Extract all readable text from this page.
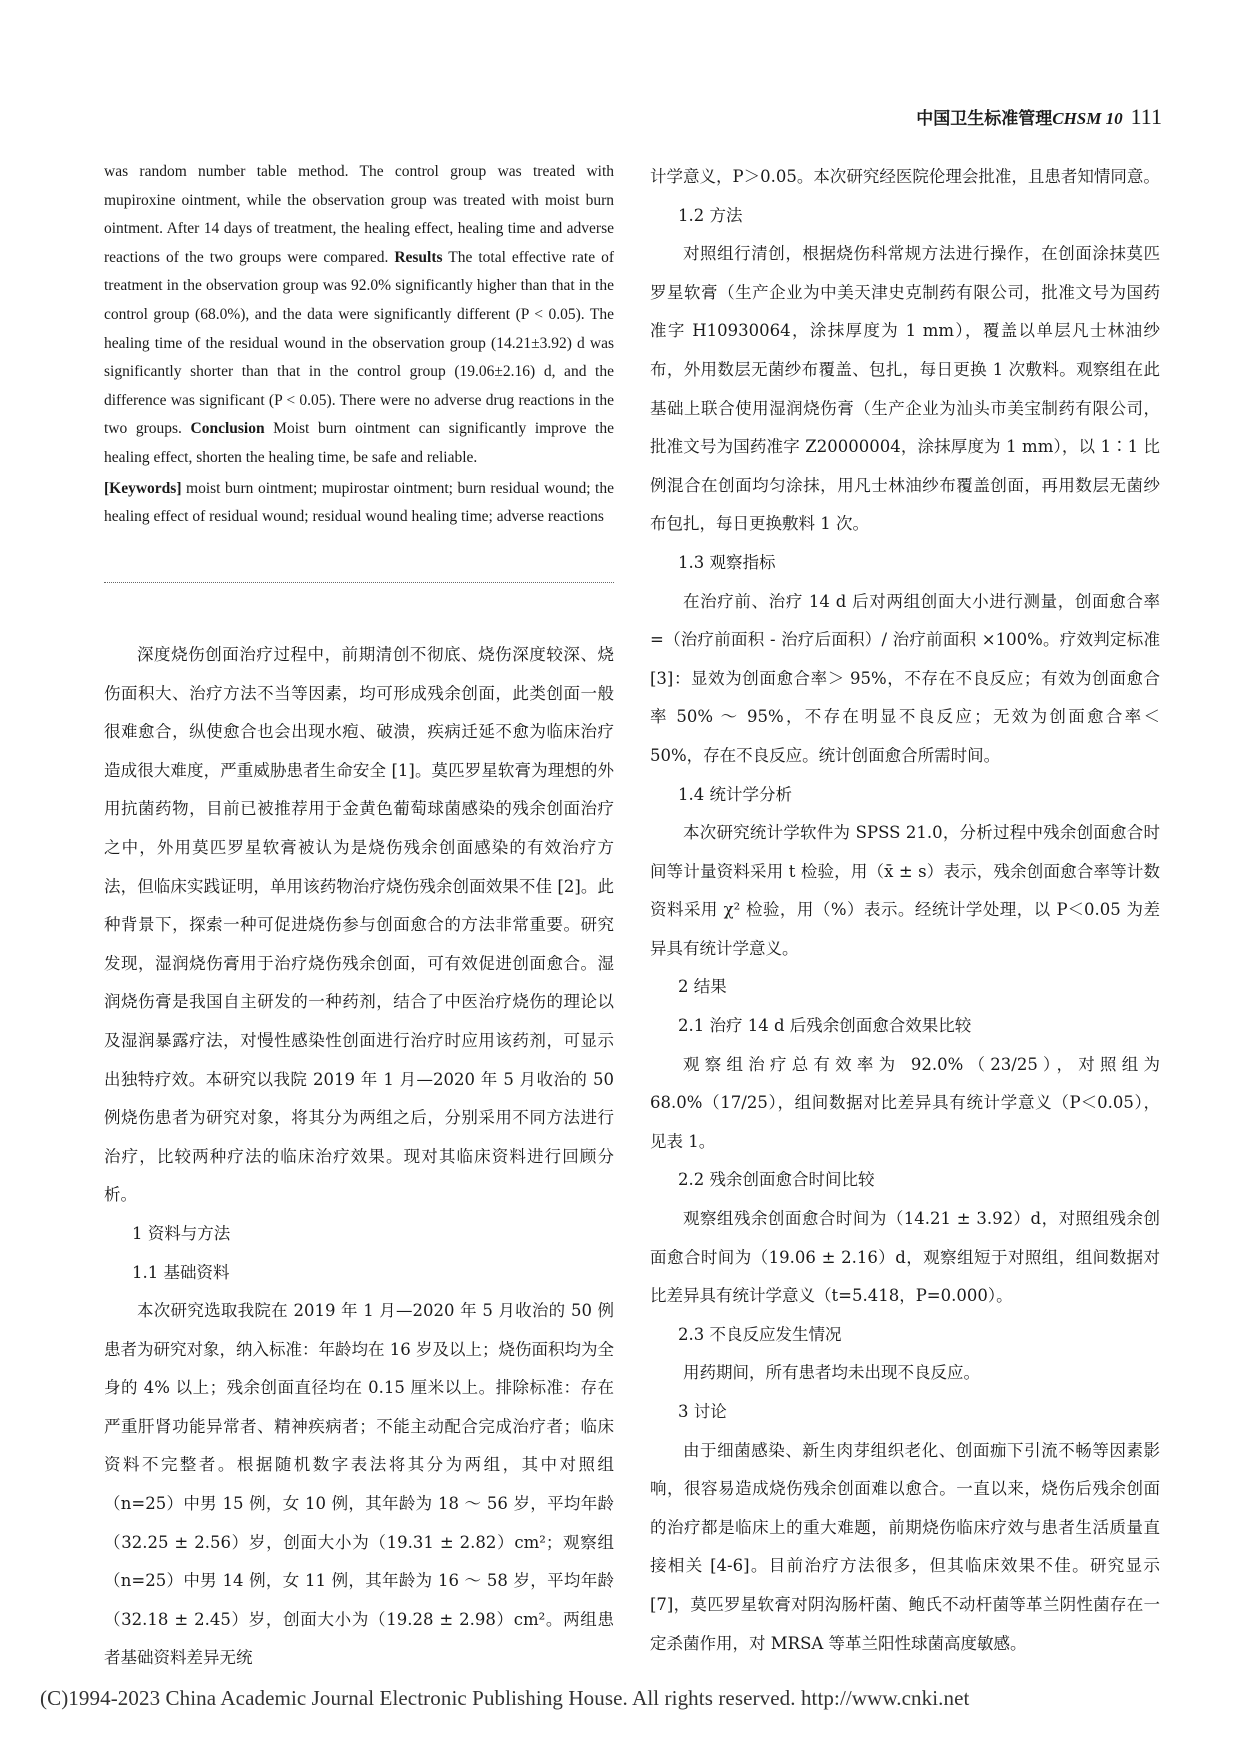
中国卫生标准管理CHSM 10 111

was random number table method. The control group was treated with mupiroxine ointment, while the observation group was treated with moist burn ointment. After 14 days of treatment, the healing effect, healing time and adverse reactions of the two groups were compared. Results The total effective rate of treatment in the observation group was 92.0% significantly higher than that in the control group (68.0%), and the data were significantly different (P < 0.05). The healing time of the residual wound in the observation group (14.21±3.92) d was significantly shorter than that in the control group (19.06±2.16) d, and the difference was significant (P < 0.05). There were no adverse drug reactions in the two groups. Conclusion Moist burn ointment can significantly improve the healing effect, shorten the healing time, be safe and reliable.

[Keywords] moist burn ointment; mupirostar ointment; burn residual wound; the healing effect of residual wound; residual wound healing time; adverse reactions

深度烧伤创面治疗过程中，前期清创不彻底、烧伤深度较深、烧伤面积大、治疗方法不当等因素，均可形成残余创面，此类创面一般很难愈合，纵使愈合也会出现水疱、破溃，疾病迁延不愈为临床治疗造成很大难度，严重威胁患者生命安全 [1]。莫匹罗星软膏为理想的外用抗菌药物，目前已被推荐用于金黄色葡萄球菌感染的残余创面治疗之中，外用莫匹罗星软膏被认为是烧伤残余创面感染的有效治疗方法，但临床实践证明，单用该药物治疗烧伤残余创面效果不佳 [2]。此种背景下，探索一种可促进烧伤参与创面愈合的方法非常重要。研究发现，湿润烧伤膏用于治疗烧伤残余创面，可有效促进创面愈合。湿润烧伤膏是我国自主研发的一种药剂，结合了中医治疗烧伤的理论以及湿润暴露疗法，对慢性感染性创面进行治疗时应用该药剂，可显示出独特疗效。本研究以我院 2019 年 1 月—2020 年 5 月收治的 50 例烧伤患者为研究对象，将其分为两组之后，分别采用不同方法进行治疗，比较两种疗法的临床治疗效果。现对其临床资料进行回顾分析。

1 资料与方法

1.1 基础资料

本次研究选取我院在 2019 年 1 月—2020 年 5 月收治的 50 例患者为研究对象，纳入标准：年龄均在 16 岁及以上；烧伤面积均为全身的 4% 以上；残余创面直径均在 0.15 厘米以上。排除标准：存在严重肝肾功能异常者、精神疾病者；不能主动配合完成治疗者；临床资料不完整者。根据随机数字表法将其分为两组，其中对照组（n=25）中男 15 例，女 10 例，其年龄为 18 ～ 56 岁，平均年龄（32.25 ± 2.56）岁，创面大小为（19.31 ± 2.82）cm²；观察组（n=25）中男 14 例，女 11 例，其年龄为 16 ～ 58 岁，平均年龄（32.18 ± 2.45）岁，创面大小为（19.28 ± 2.98）cm²。两组患者基础资料差异无统

计学意义，P＞0.05。本次研究经医院伦理会批准，且患者知情同意。

1.2 方法

对照组行清创，根据烧伤科常规方法进行操作，在创面涂抹莫匹罗星软膏（生产企业为中美天津史克制药有限公司，批准文号为国药准字 H10930064，涂抹厚度为 1 mm），覆盖以单层凡士林油纱布，外用数层无菌纱布覆盖、包扎，每日更换 1 次敷料。观察组在此基础上联合使用湿润烧伤膏（生产企业为汕头市美宝制药有限公司，批准文号为国药准字 Z20000004，涂抹厚度为 1 mm），以 1∶1 比例混合在创面均匀涂抹，用凡士林油纱布覆盖创面，再用数层无菌纱布包扎，每日更换敷料 1 次。

1.3 观察指标

在治疗前、治疗 14 d 后对两组创面大小进行测量，创面愈合率 =（治疗前面积 - 治疗后面积）/ 治疗前面积 ×100%。疗效判定标准 [3]：显效为创面愈合率＞ 95%，不存在不良反应；有效为创面愈合率 50% ～ 95%，不存在明显不良反应；无效为创面愈合率＜ 50%，存在不良反应。统计创面愈合所需时间。

1.4 统计学分析

本次研究统计学软件为 SPSS 21.0，分析过程中残余创面愈合时间等计量资料采用 t 检验，用（x̄ ± s）表示，残余创面愈合率等计数资料采用 χ² 检验，用（%）表示。经统计学处理，以 P＜0.05 为差异具有统计学意义。

2 结果

2.1 治疗 14 d 后残余创面愈合效果比较

观察组治疗总有效率为 92.0%（23/25），对照组为 68.0%（17/25），组间数据对比差异具有统计学意义（P＜0.05），见表 1。

2.2 残余创面愈合时间比较

观察组残余创面愈合时间为（14.21 ± 3.92）d，对照组残余创面愈合时间为（19.06 ± 2.16）d，观察组短于对照组，组间数据对比差异具有统计学意义（t=5.418，P=0.000）。

2.3 不良反应发生情况

用药期间，所有患者均未出现不良反应。

3 讨论

由于细菌感染、新生肉芽组织老化、创面痂下引流不畅等因素影响，很容易造成烧伤残余创面难以愈合。一直以来，烧伤后残余创面的治疗都是临床上的重大难题，前期烧伤临床疗效与患者生活质量直接相关 [4-6]。目前治疗方法很多，但其临床效果不佳。研究显示 [7]，莫匹罗星软膏对阴沟肠杆菌、鲍氏不动杆菌等革兰阴性菌存在一定杀菌作用，对 MRSA 等革兰阳性球菌高度敏感。

(C)1994-2023 China Academic Journal Electronic Publishing House. All rights reserved. http://www.cnki.net
